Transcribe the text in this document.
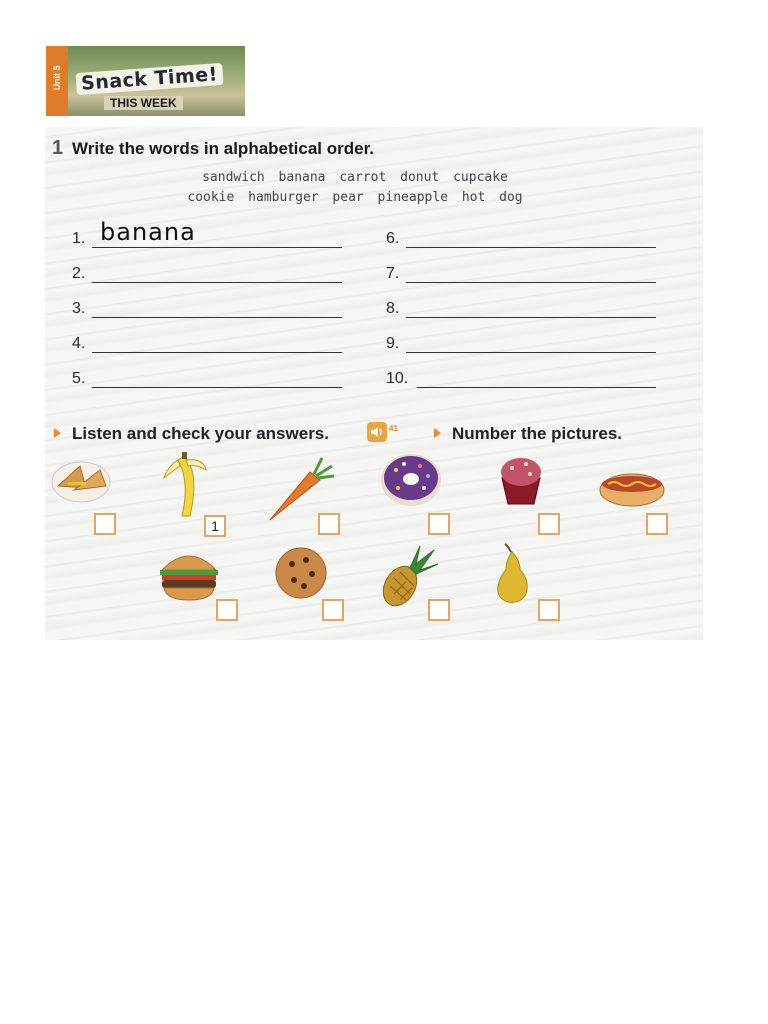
Unit 5 Snack Time!
THIS WEEK
1 Write the words in alphabetical order.
sandwich banana carrot donut cupcake
cookie hamburger pear pineapple hot dog
1. banana
2.
3.
4.
5.
6.
7.
8.
9.
10.
Listen and check your answers.	41	Number the pictures.
1
